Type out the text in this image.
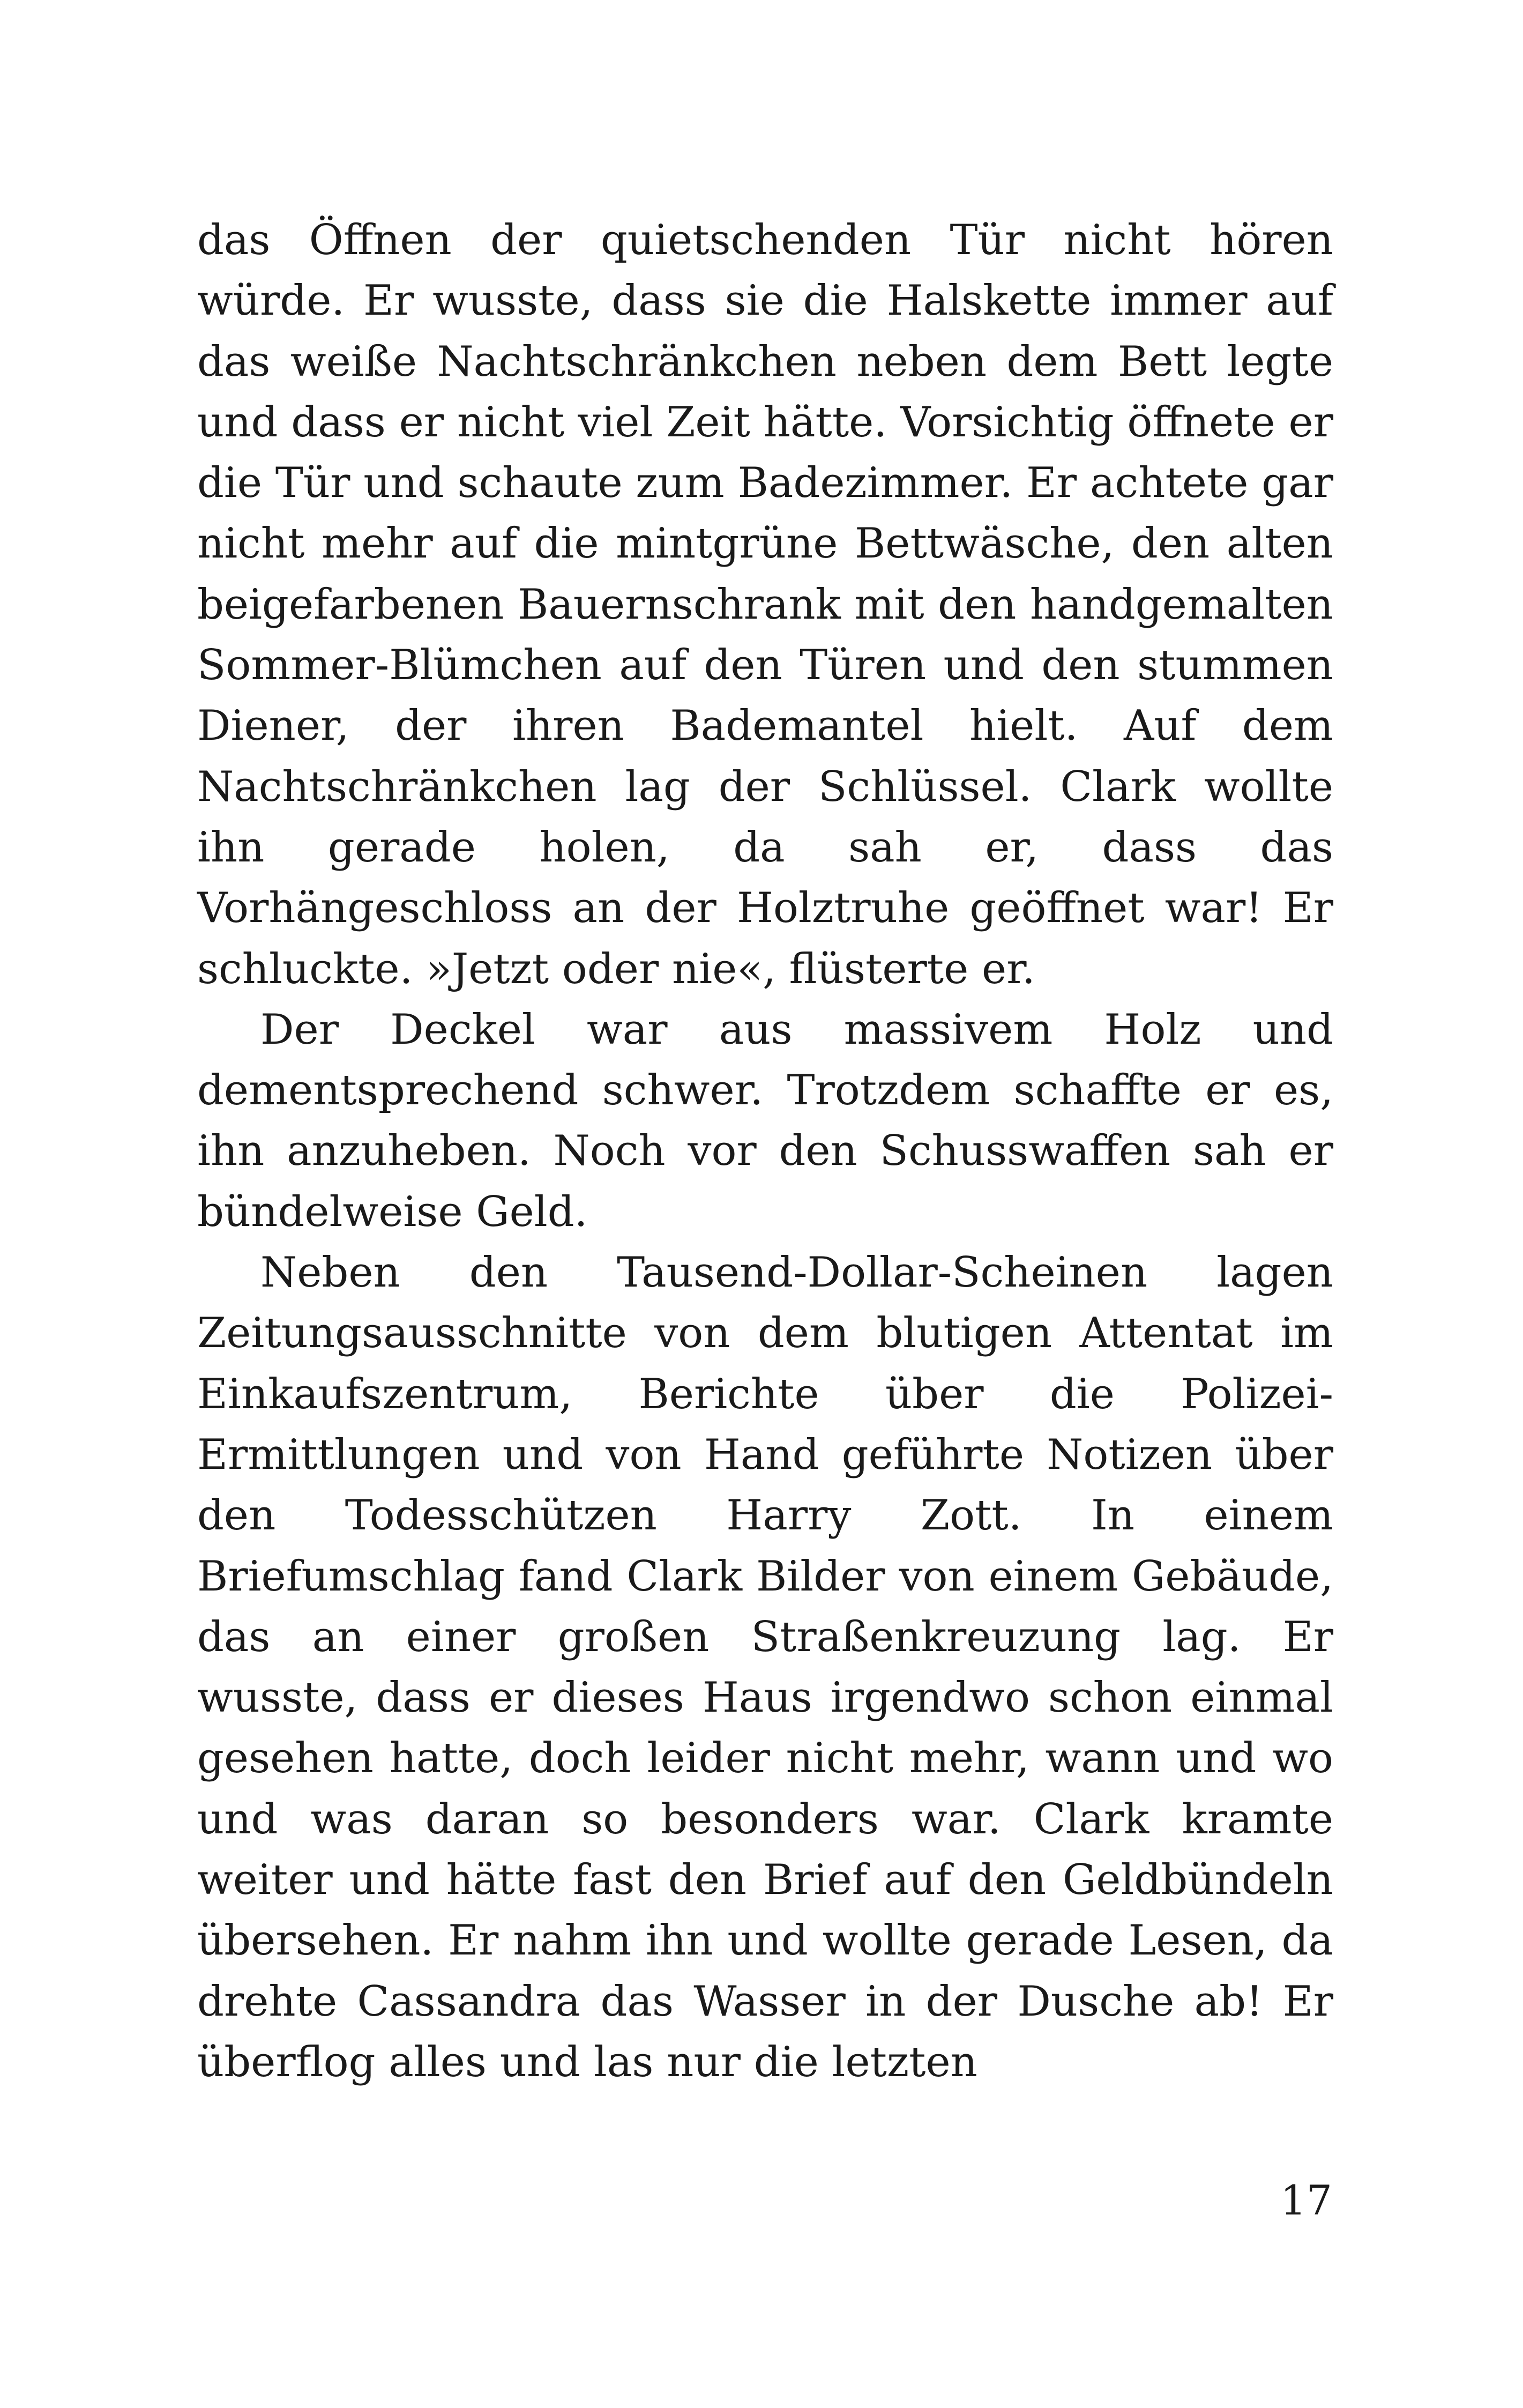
das Öffnen der quietschenden Tür nicht hören würde. Er wusste, dass sie die Halskette immer auf das weiße Nachtschränkchen neben dem Bett legte und dass er nicht viel Zeit hätte. Vorsichtig öffnete er die Tür und schaute zum Badezimmer. Er achtete gar nicht mehr auf die mintgrüne Bettwäsche, den alten beigefarbenen Bauernschrank mit den handgemalten Sommer-Blümchen auf den Türen und den stummen Diener, der ihren Bademantel hielt. Auf dem Nachtschränkchen lag der Schlüssel. Clark wollte ihn gerade holen, da sah er, dass das Vorhängeschloss an der Holztruhe geöffnet war! Er schluckte. »Jetzt oder nie«, flüsterte er.

Der Deckel war aus massivem Holz und dementsprechend schwer. Trotzdem schaffte er es, ihn anzuheben. Noch vor den Schusswaffen sah er bündelweise Geld.

Neben den Tausend-Dollar-Scheinen lagen Zeitungsausschnitte von dem blutigen Attentat im Einkaufszentrum, Berichte über die Polizei-Ermittlungen und von Hand geführte Notizen über den Todesschützen Harry Zott. In einem Briefumschlag fand Clark Bilder von einem Gebäude, das an einer großen Straßenkreuzung lag. Er wusste, dass er dieses Haus irgendwo schon einmal gesehen hatte, doch leider nicht mehr, wann und wo und was daran so besonders war. Clark kramte weiter und hätte fast den Brief auf den Geldbündeln übersehen. Er nahm ihn und wollte gerade Lesen, da drehte Cassandra das Wasser in der Dusche ab! Er überflog alles und las nur die letzten

17
